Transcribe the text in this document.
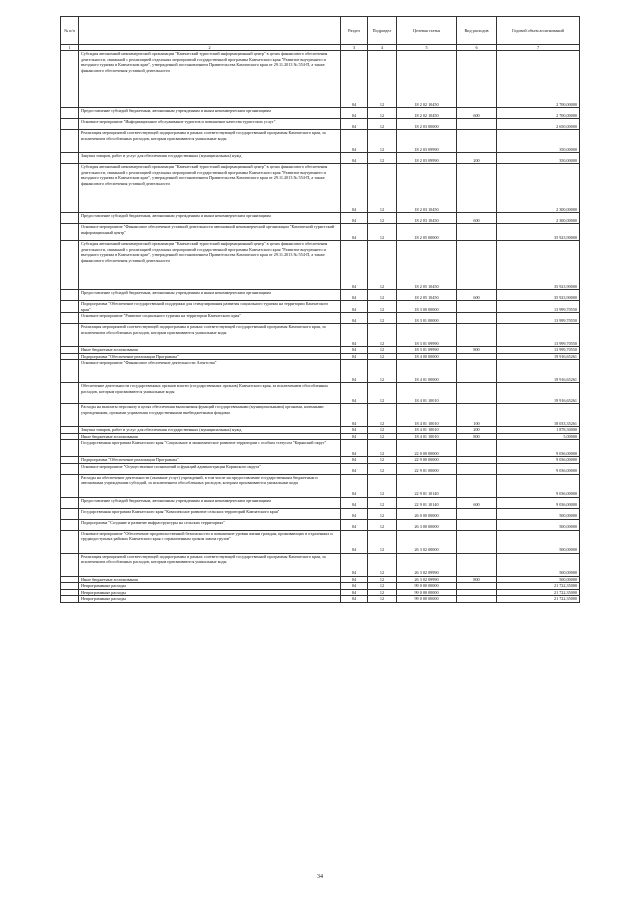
№ п/п		Раздел	Подраздел	Целевая статья	Вид расходов	Годовой объем ассигнований
1	2	3	4	5	6	7
	Субсидия автономной некоммерческой организации "Камчатский туристский информационный центр" в целях финансового обеспечения деятельности, связанной с реализацией отдельных мероприятий государственной программы Камчатского края "Развитие внутреннего и въездного туризма в Камчатском крае", утвержденной постановлением Правительства Камчатского края от 29.11.2013 № 554-П, а также финансового обеспечения уставной деятельности	04	12	18 2 02 10450		2 700,00000
	Предоставление субсидий бюджетным, автономным учреждениям и иным некоммерческим организациям	04	12	18 2 02 10450	600	2 700,00000
	Основное мероприятие "Информационное обслуживание туристов и повышение качества туристских услуг"	04	12	18 2 03 00000		2 650,00000
	Реализация мероприятий соответствующей подпрограммы в рамках соответствующей государственной программы Камчатского края, за исключением обособленных расходов, которым присваиваются уникальные коды	04	12	18 2 03 09990		350,00000
	Закупка товаров, работ и услуг для обеспечения государственных (муниципальных) нужд	04	12	18 2 03 09990	200	350,00000
	Субсидия автономной некоммерческой организации "Камчатский туристский информационный центр" в целях финансового обеспечения деятельности, связанной с реализацией отдельных мероприятий государственной программы Камчатского края "Развитие внутреннего и въездного туризма в Камчатском крае", утвержденной постановлением Правительства Камчатского края от 29.11.2013 № 554-П, а также финансового обеспечения уставной деятельности	04	12	18 2 03 10450		2 300,00000
	Предоставление субсидий бюджетным, автономным учреждениям и иным некоммерческим организациям	04	12	18 2 03 10450	600	2 300,00000
	Основное мероприятие "Финансовое обеспечение уставной деятельности автономной некоммерческой организации "Камчатский туристский информационный центр"	04	12	18 2 05 00000		35 923,90000
	Субсидия автономной некоммерческой организации "Камчатский туристский информационный центр" в целях финансового обеспечения деятельности, связанной с реализацией отдельных мероприятий государственной программы Камчатского края "Развитие внутреннего и въездного туризма в Камчатском крае", утвержденной постановлением Правительства Камчатского края от 29.11.2013 № 554-П, а также финансового обеспечения уставной деятельности	04	12	18 2 05 10450		35 923,90000
	Предоставление субсидий бюджетным, автономным учреждениям и иным некоммерческим организациям	04	12	18 2 05 10450	600	35 923,90000
	Подпрограмма "Обеспечение государственной поддержки для стимулирования развития социального туризма на территории Камчатского края"	04	12	18 3 00 00000		13 999,70550
	Основное мероприятие "Развитие социального туризма на территории Камчатского края"	04	12	18 3 01 00000		13 999,70550
	Реализация мероприятий соответствующей подпрограммы в рамках соответствующей государственной программы Камчатского края, за исключением обособленных расходов, которым присваиваются уникальные коды	04	12	18 3 01 09990		13 999,70550
	Иные бюджетные ассигнования	04	12	18 3 01 09990	800	13 999,70550
	Подпрограмма "Обеспечение реализации Программы"	04	12	18 4 00 00000		19 916,65261
	Основное мероприятие "Финансовое обеспечение деятельности Агентства"	04	12	18 4 01 00000		19 916,65261
	Обеспечение деятельности государственных органов власти (государственных органов) Камчатского края, за исключением обособленных расходов, которым присваиваются уникальные коды	04	12	18 4 01 10010		19 916,65261
	Расходы на выплаты персоналу в целях обеспечения выполнения функций государственными (муниципальными) органами, казенными учреждениями, органами управления государственными внебюджетными фондами	04	12	18 4 01 10010	100	18 033,35261
	Закупка товаров, работ и услуг для обеспечения государственных (муниципальных) нужд	04	12	18 4 01 10010	200	1 878,30000
	Иные бюджетные ассигнования	04	12	18 4 01 10010	800	5,00000
	Государственная программа Камчатского края "Социальное и экономическое развитие территории с особым статусом "Корякский округ"	04	12	22 0 00 00000		9 036,00000
	Подпрограмма "Обеспечение реализации Программы"	04	12	22 9 00 00000		9 036,00000
	Основное мероприятие "Осуществление полномочий и функций администрации Корякского округа"	04	12	22 9 01 00000		9 036,00000
	Расходы на обеспечение деятельности (оказание услуг) учреждений, в том числе на предоставление государственным бюджетным и автономным учреждениям субсидий, за исключением обособленных расходов, которым присваиваются уникальные коды	04	12	22 9 01 10140		9 036,00000
	Предоставление субсидий бюджетным, автономным учреждениям и иным некоммерческим организациям	04	12	22 9 01 10140	600	9 036,00000
	Государственная программа Камчатского края "Комплексное развитие сельских территорий Камчатского края"	04	12	26 0 00 00000		500,00000
	Подпрограмма "Создание и развитие инфраструктуры на сельских территориях"	04	12	26 3 00 00000		500,00000
	Основное мероприятие "Обеспечение продовольственной безопасности и повышение уровня жизни граждан, проживающих в отдаленных и труднодоступных районах Камчатского края с ограниченным сроком завоза грузов"	04	12	26 3 02 00000		500,00000
	Реализация мероприятий соответствующей подпрограммы в рамках соответствующей государственной программы Камчатского края, за исключением обособленных расходов, которым присваиваются уникальные коды	04	12	26 3 02 09990		500,00000
	Иные бюджетные ассигнования	04	12	26 3 02 09990	800	500,00000
	Непрограммные расходы	04	12	99 0 00 00000		21 722,35000
	Непрограммные расходы	04	12	99 0 00 00000		21 722,35000
	Непрограммные расходы	04	12	99 0 00 00000		21 722,35000
34
